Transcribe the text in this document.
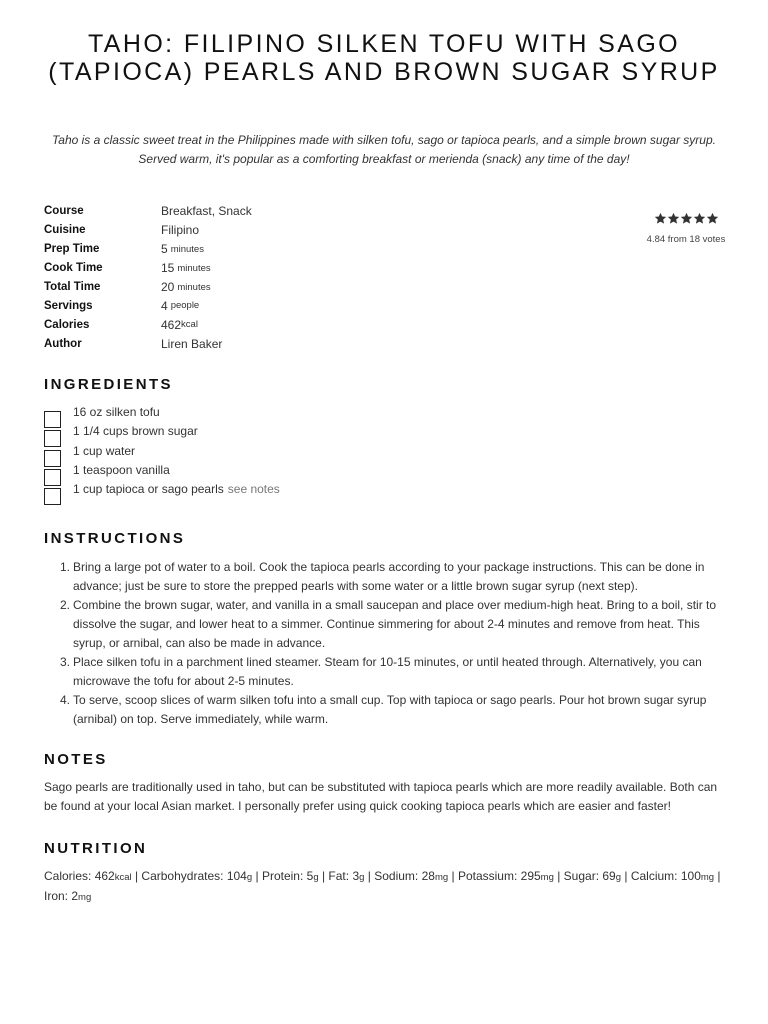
TAHO: FILIPINO SILKEN TOFU WITH SAGO (TAPIOCA) PEARLS AND BROWN SUGAR SYRUP

Taho is a classic sweet treat in the Philippines made with silken tofu, sago or tapioca pearls, and a simple brown sugar syrup. Served warm, it's popular as a comforting breakfast or merienda (snack) any time of the day!

Course	Breakfast, Snack
Cuisine	Filipino
Prep Time	5 minutes
Cook Time	15 minutes
Total Time	20 minutes
Servings	4 people
Calories	462 kcal
Author	Liren Baker
4.84 from 18 votes
INGREDIENTS
16 oz silken tofu
1 1/4 cups brown sugar
1 cup water
1 teaspoon vanilla
1 cup tapioca or sago pearls see notes
INSTRUCTIONS
1. Bring a large pot of water to a boil. Cook the tapioca pearls according to your package instructions. This can be done in advance; just be sure to store the prepped pearls with some water or a little brown sugar syrup (next step).
2. Combine the brown sugar, water, and vanilla in a small saucepan and place over medium-high heat. Bring to a boil, stir to dissolve the sugar, and lower heat to a simmer. Continue simmering for about 2-4 minutes and remove from heat. This syrup, or arnibal, can also be made in advance.
3. Place silken tofu in a parchment lined steamer. Steam for 10-15 minutes, or until heated through. Alternatively, you can microwave the tofu for about 2-5 minutes.
4. To serve, scoop slices of warm silken tofu into a small cup. Top with tapioca or sago pearls. Pour hot brown sugar syrup (arnibal) on top. Serve immediately, while warm.
NOTES

Sago pearls are traditionally used in taho, but can be substituted with tapioca pearls which are more readily available. Both can be found at your local Asian market. I personally prefer using quick cooking tapioca pearls which are easier and faster!

NUTRITION

Calories: 462kcal | Carbohydrates: 104g | Protein: 5g | Fat: 3g | Sodium: 28mg | Potassium: 295mg | Sugar: 69g | Calcium: 100mg | Iron: 2mg
